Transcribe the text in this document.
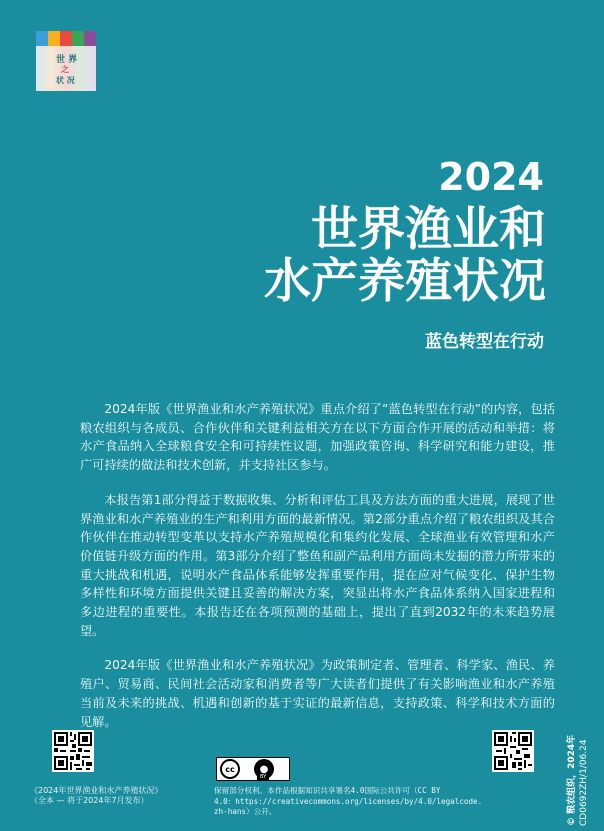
世 界
之
状 况
2024
世界渔业和
水产养殖状况
蓝色转型在行动

2024年版《世界渔业和水产养殖状况》重点介绍了“蓝色转型在行动”的内容，包括粮农组织与各成员、合作伙伴和关键利益相关方在以下方面合作开展的活动和举措：将水产食品纳入全球粮食安全和可持续性议题，加强政策咨询、科学研究和能力建设，推广可持续的做法和技术创新，并支持社区参与。

本报告第1部分得益于数据收集、分析和评估工具及方法方面的重大进展，展现了世界渔业和水产养殖业的生产和利用方面的最新情况。第2部分重点介绍了粮农组织及其合作伙伴在推动转型变革以支持水产养殖规模化和集约化发展、全球渔业有效管理和水产价值链升级方面的作用。第3部分介绍了整鱼和副产品利用方面尚未发掘的潜力所带来的重大挑战和机遇，说明水产食品体系能够发挥重要作用，提在应对气候变化、保护生物多样性和环境方面提供关键且妥善的解决方案，突显出将水产食品体系纳入国家进程和多边进程的重要性。本报告还在各项预测的基础上，提出了直到2032年的未来趋势展望。

2024年版《世界渔业和水产养殖状况》为政策制定者、管理者、科学家、渔民、养殖户、贸易商、民间社会活动家和消费者等广大读者们提供了有关影响渔业和水产养殖当前及未来的挑战、机遇和创新的基于实证的最新信息，支持政策、科学和技术方面的见解。

《2024年世界渔业和水产养殖状况》
（全本 — 将于2024年7月发布）
cc	●
BY
保留部分权利。本作品根据知识共享署名4.0国际公共许可（CC BY
4.0：https://creativecommons.org/licenses/by/4.0/legalcode.
zh-hans）公开。	© 粮农组织，2024年 CD0692ZH/1/06.24
